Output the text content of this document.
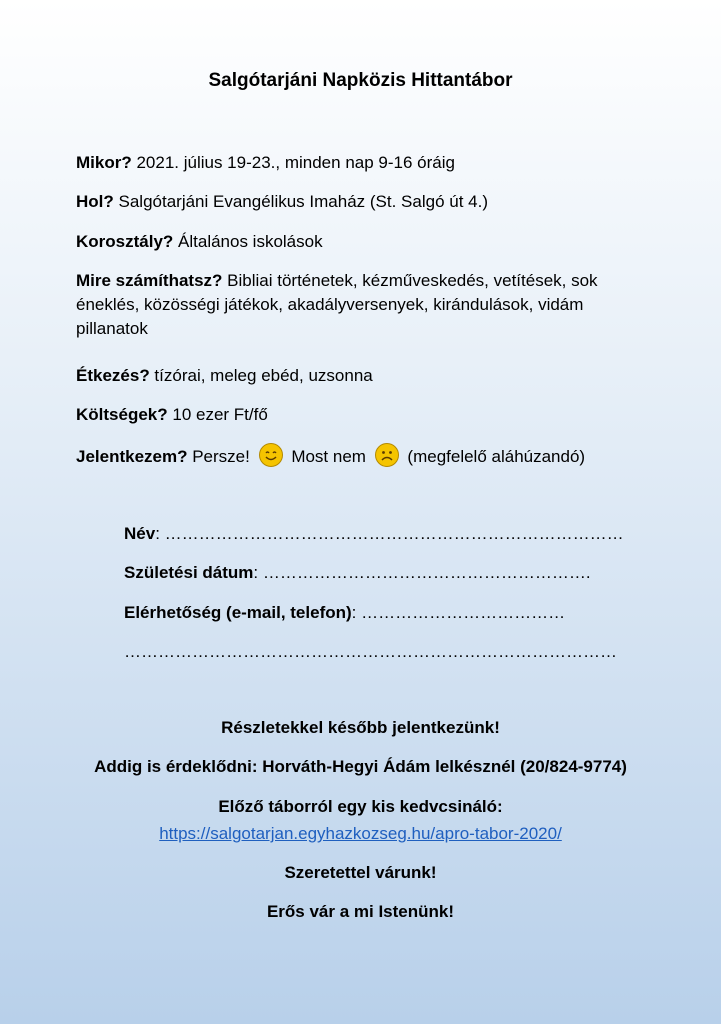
Salgótarjáni Napközis Hittantábor
Mikor? 2021. július 19-23., minden nap 9-16 óráig
Hol? Salgótarjáni Evangélikus Imaház (St. Salgó út 4.)
Korosztály? Általános iskolások
Mire számíthatsz? Bibliai történetek, kézműveskedés, vetítések, sok éneklés, közösségi játékok, akadályversenyek, kirándulások, vidám pillanatok
Étkezés? tízórai, meleg ebéd, uzsonna
Költségek? 10 ezer Ft/fő
Jelentkezem? Persze!
Most nem
(megfelelő aláhúzandó)
Név: ………………………………………………………………………
Születési dátum: ………………………………………………….
Elérhetőség (e-mail, telefon): ………………………………
……………………………………………………………………………
Részletekkel később jelentkezünk!
Addig is érdeklődni: Horváth-Hegyi Ádám lelkésznél (20/824-9774)
Előző táborról egy kis kedvcsináló:
https://salgotarjan.egyhazkozseg.hu/apro-tabor-2020/
Szeretettel várunk!
Erős vár a mi Istenünk!
